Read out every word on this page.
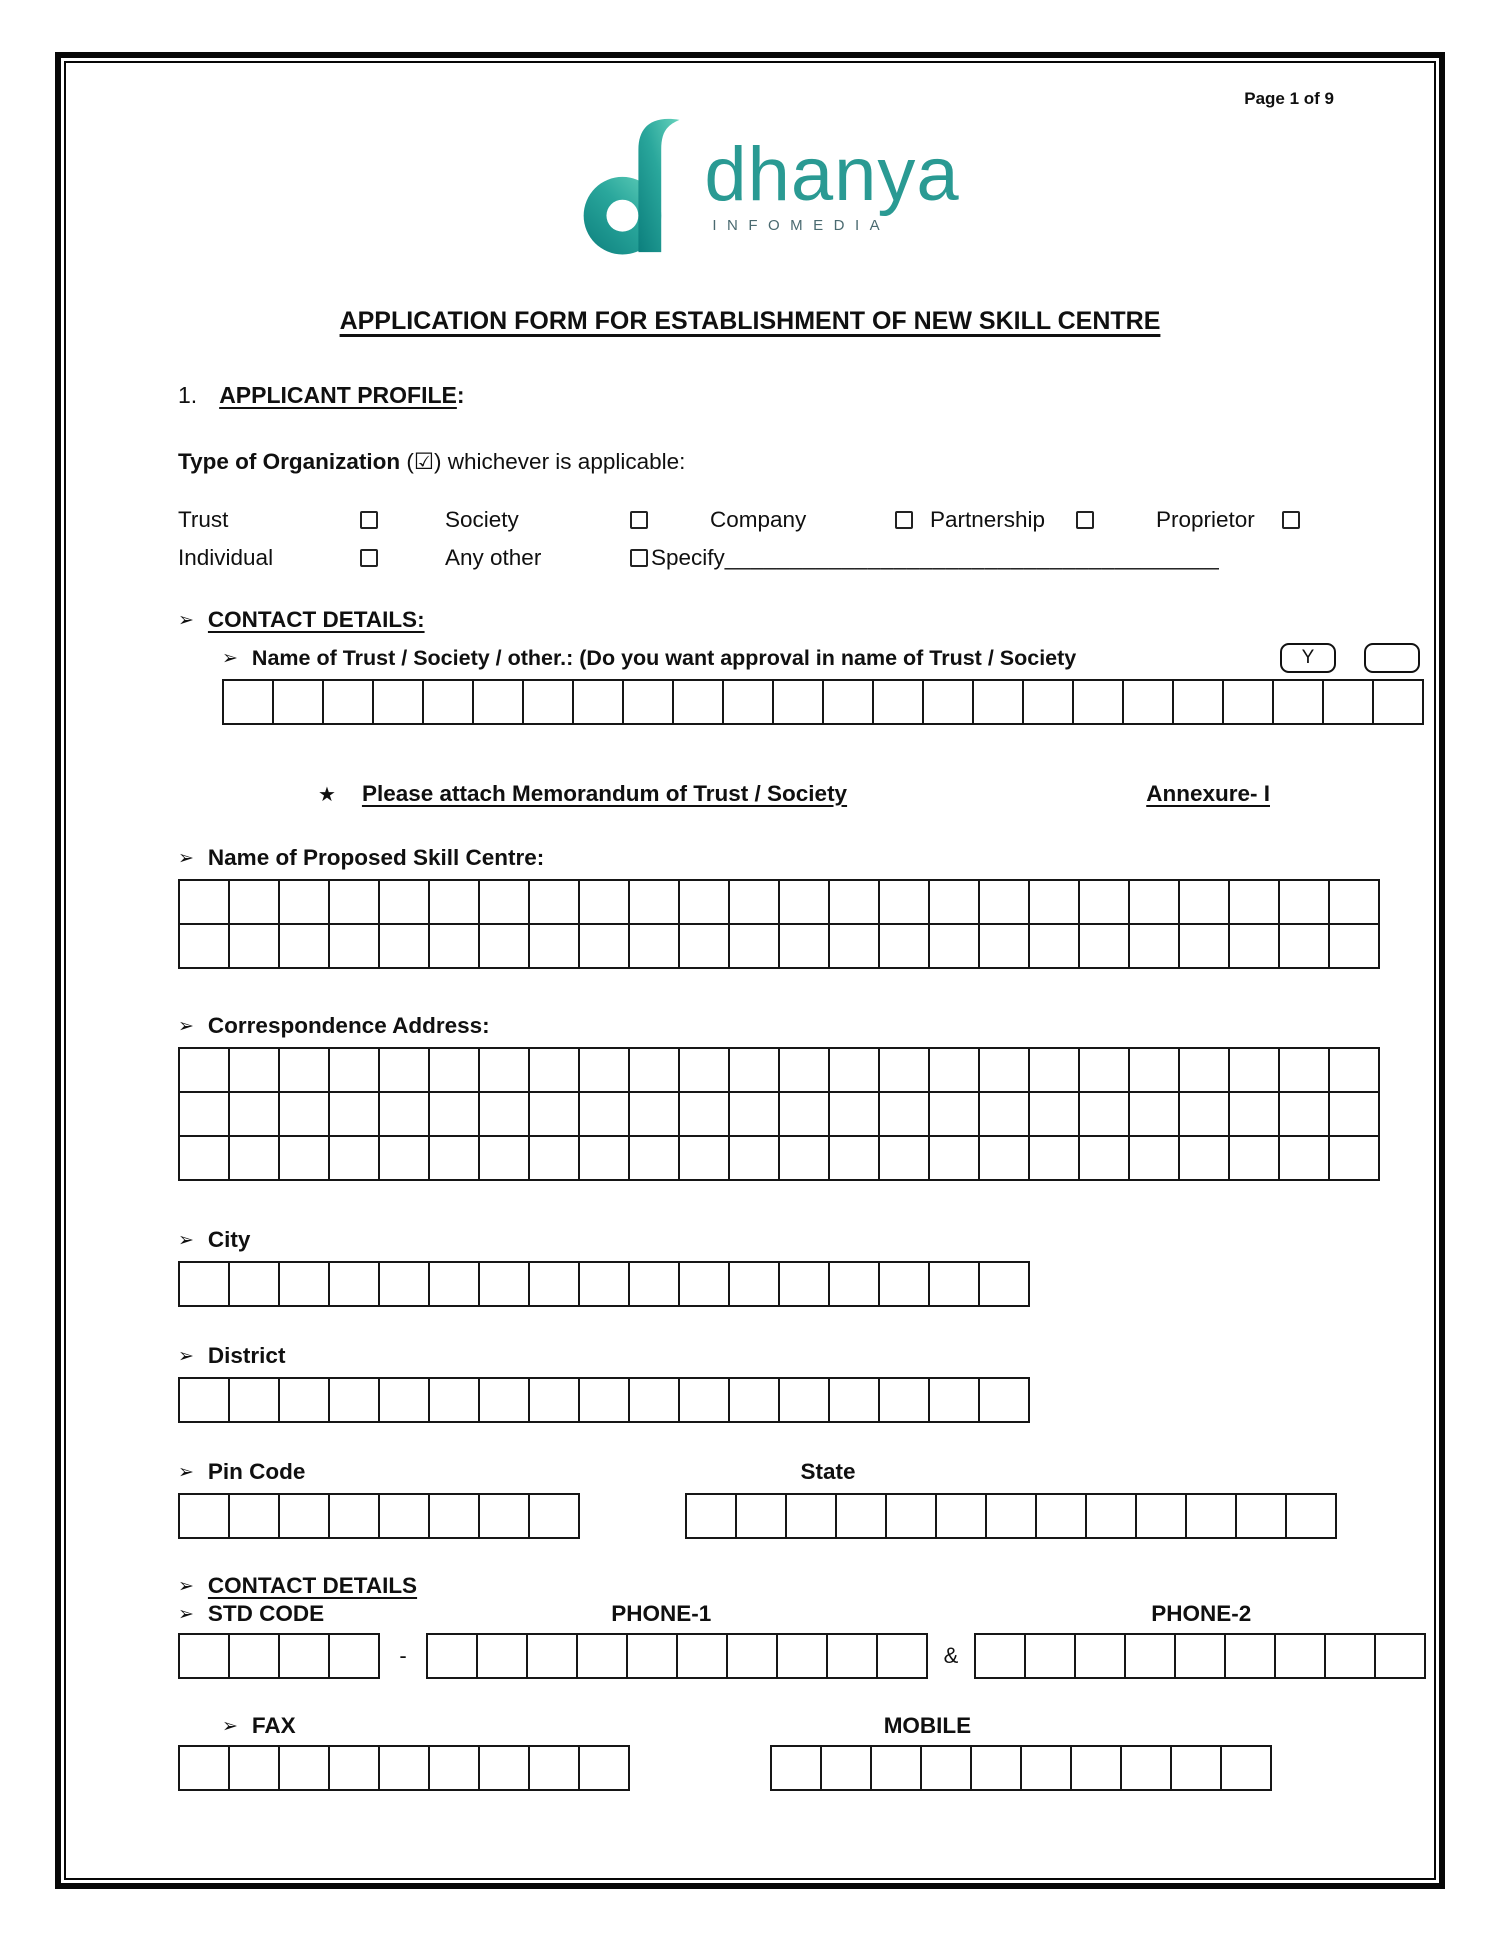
Page 1 of 9
dhanya
INFOMEDIA
APPLICATION FORM FOR ESTABLISHMENT OF NEW SKILL CENTRE
1. APPLICANT PROFILE :
Type of Organization (☑) whichever is applicable:
Trust	Society	Company	Partnership	Proprietor
Individual	Any other	Specify ______________________________________
➢ CONTACT DETAILS:
➢ Name of Trust / Society / other.: (Do you want approval in name of Trust / Society	Y
★ Please attach Memorandum of Trust / Society	Annexure- I
➢ Name of Proposed Skill Centre:
➢ Correspondence Address:
➢ City
➢ District
➢ Pin Code	State
➢ CONTACT DETAILS
➢ STD CODE	PHONE-1	PHONE-2
-	&
➢ FAX	MOBILE
